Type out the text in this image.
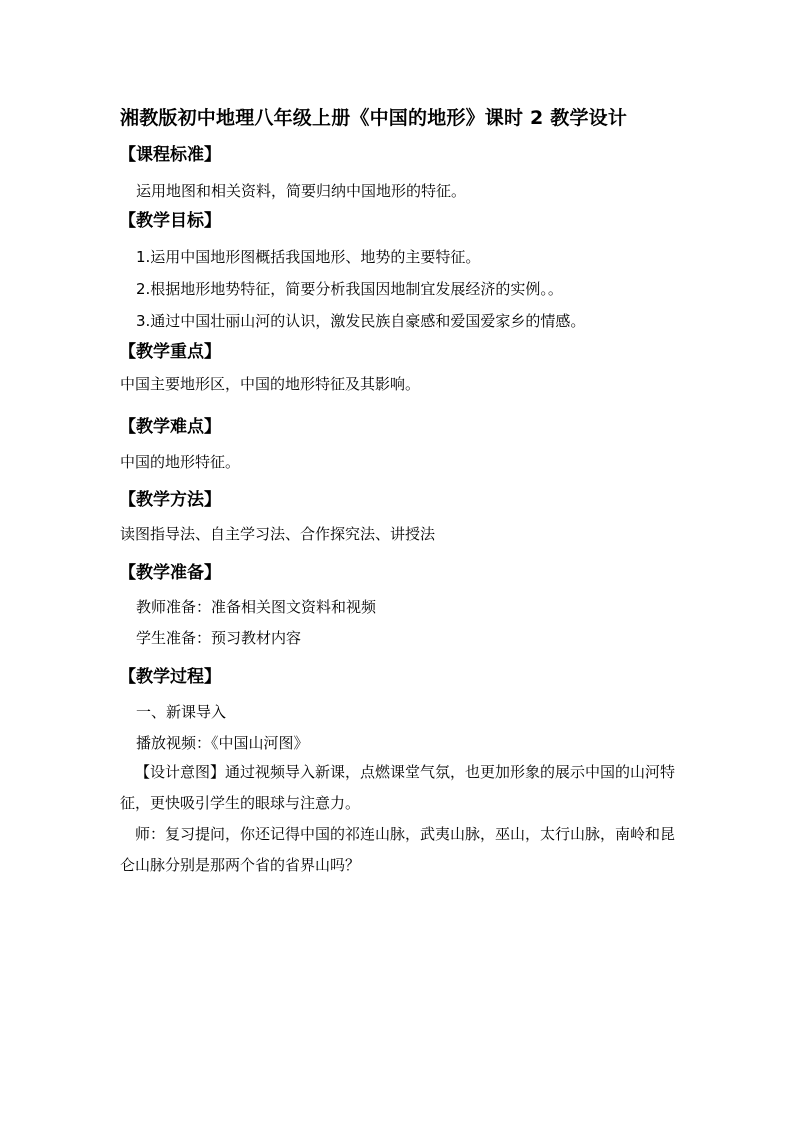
湘教版初中地理八年级上册《中国的地形》课时 2 教学设计
【课程标准】
运用地图和相关资料，简要归纳中国地形的特征。
【教学目标】
1.运用中国地形图概括我国地形、地势的主要特征。
2.根据地形地势特征，简要分析我国因地制宜发展经济的实例。。
3.通过中国壮丽山河的认识，激发民族自豪感和爱国爱家乡的情感。
【教学重点】
中国主要地形区，中国的地形特征及其影响。
【教学难点】
中国的地形特征。
【教学方法】
读图指导法、自主学习法、合作探究法、讲授法
【教学准备】
教师准备：准备相关图文资料和视频
学生准备：预习教材内容
【教学过程】
一、新课导入
播放视频：《中国山河图》
【设计意图】通过视频导入新课，点燃课堂气氛，也更加形象的展示中国的山河特征，更快吸引学生的眼球与注意力。
师：复习提问，你还记得中国的祁连山脉，武夷山脉，巫山，太行山脉，南岭和昆仑山脉分别是那两个省的省界山吗？
